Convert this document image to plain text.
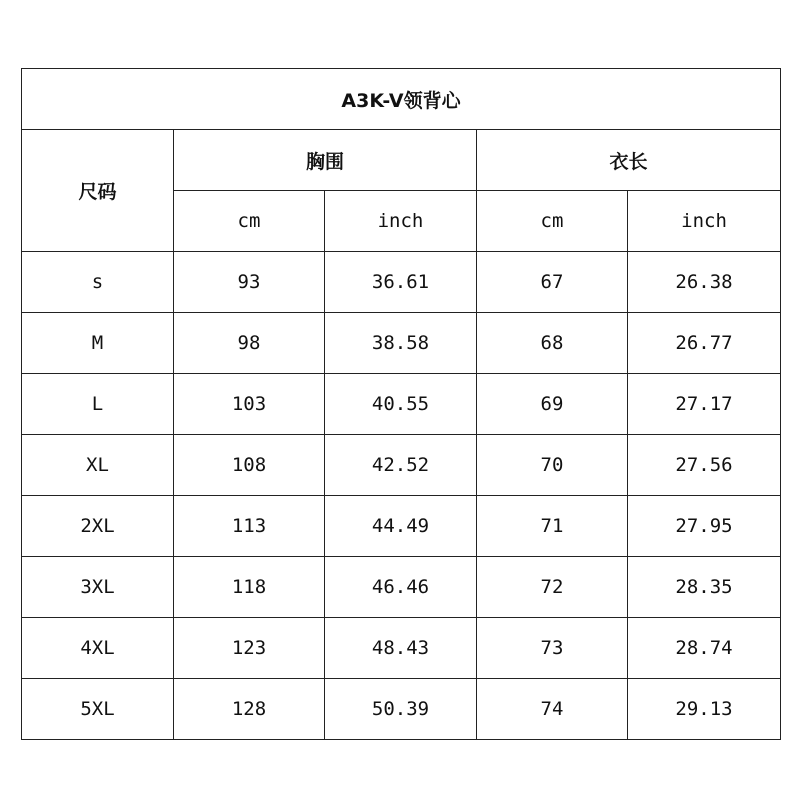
A3K-V领背心				
尺码	胸围		衣长	
	cm	inch	cm	inch
s	93	36.61	67	26.38
M	98	38.58	68	26.77
L	103	40.55	69	27.17
XL	108	42.52	70	27.56
2XL	113	44.49	71	27.95
3XL	118	46.46	72	28.35
4XL	123	48.43	73	28.74
5XL	128	50.39	74	29.13
